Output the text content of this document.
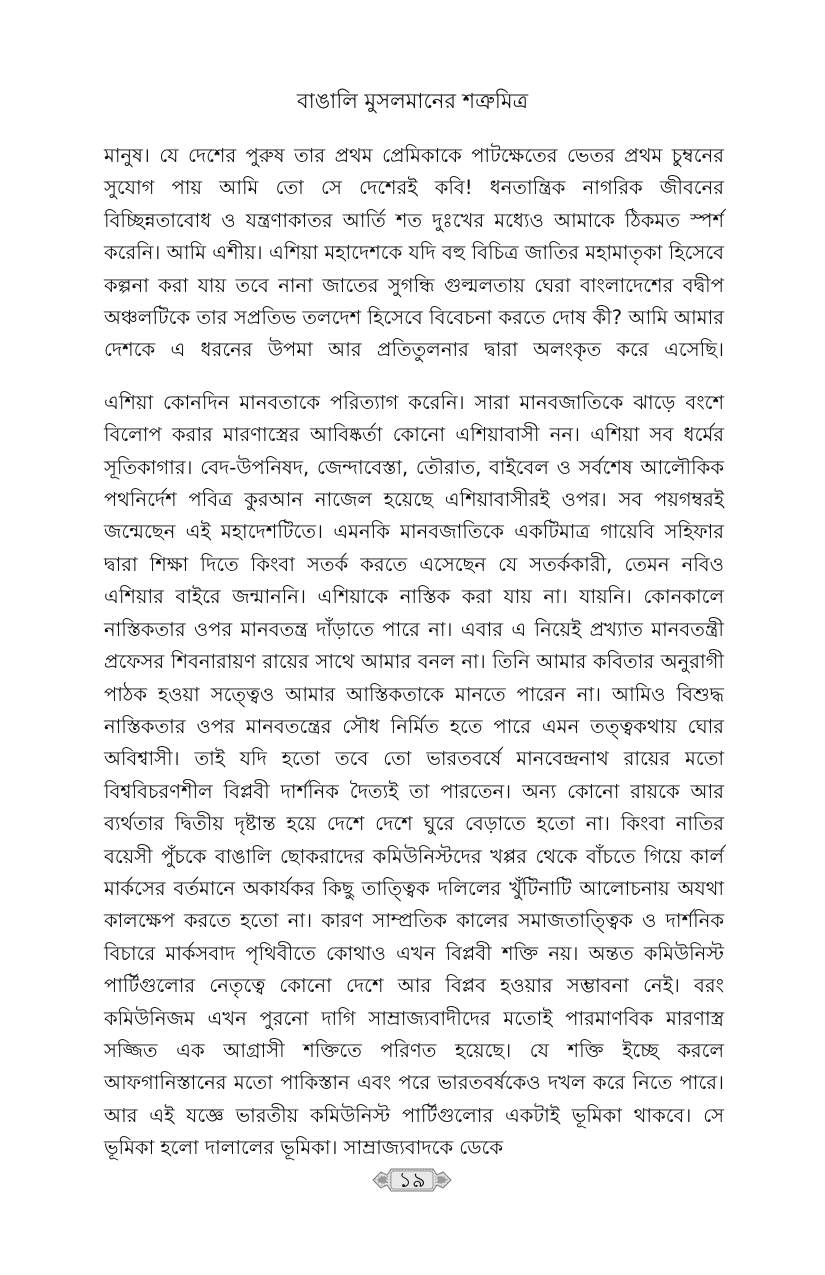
বাঙালি মুসলমানের শত্রুমিত্র

মানুষ। যে দেশের পুরুষ তার প্রথম প্রেমিকাকে পাটক্ষেতের ভেতর প্রথম চুম্বনের সুযোগ পায় আমি তো সে দেশেরই কবি! ধনতান্ত্রিক নাগরিক জীবনের বিচ্ছিন্নতাবোধ ও যন্ত্রণাকাতর আর্তি শত দুঃখের মধ্যেও আমাকে ঠিকমত স্পর্শ করেনি। আমি এশীয়। এশিয়া মহাদেশকে যদি বহু বিচিত্র জাতির মহামাতৃকা হিসেবে কল্পনা করা যায় তবে নানা জাতের সুগন্ধি গুল্মলতায় ঘেরা বাংলাদেশের বদ্বীপ অঞ্চলটিকে তার সপ্রতিভ তলদেশ হিসেবে বিবেচনা করতে দোষ কী? আমি আমার দেশকে এ ধরনের উপমা আর প্রতিতুলনার দ্বারা অলংকৃত করে এসেছি।

এশিয়া কোনদিন মানবতাকে পরিত্যাগ করেনি। সারা মানবজাতিকে ঝাড়ে বংশে বিলোপ করার মারণাস্ত্রের আবিষ্কর্তা কোনো এশিয়াবাসী নন। এশিয়া সব ধর্মের সূতিকাগার। বেদ-উপনিষদ, জেন্দাবেস্তা, তৌরাত, বাইবেল ও সর্বশেষ আলৌকিক পথনির্দেশ পবিত্র কুরআন নাজেল হয়েছে এশিয়াবাসীরই ওপর। সব পয়গম্বরই জন্মেছেন এই মহাদেশটিতে। এমনকি মানবজাতিকে একটিমাত্র গায়েবি সহিফার দ্বারা শিক্ষা দিতে কিংবা সতর্ক করতে এসেছেন যে সতর্ককারী, তেমন নবিও এশিয়ার বাইরে জন্মাননি। এশিয়াকে নাস্তিক করা যায় না। যায়নি। কোনকালে নাস্তিকতার ওপর মানবতন্ত্র দাঁড়াতে পারে না। এবার এ নিয়েই প্রখ্যাত মানবতন্ত্রী প্রফেসর শিবনারায়ণ রায়ের সাথে আমার বনল না। তিনি আমার কবিতার অনুরাগী পাঠক হওয়া সত্ত্বেও আমার আস্তিকতাকে মানতে পারেন না। আমিও বিশুদ্ধ নাস্তিকতার ওপর মানবতন্ত্রের সৌধ নির্মিত হতে পারে এমন তত্ত্বকথায় ঘোর অবিশ্বাসী। তাই যদি হতো তবে তো ভারতবর্ষে মানবেন্দ্রনাথ রায়ের মতো বিশ্ববিচরণশীল বিপ্লবী দার্শনিক দৈত্যই তা পারতেন। অন্য কোনো রায়কে আর ব্যর্থতার দ্বিতীয় দৃষ্টান্ত হয়ে দেশে দেশে ঘুরে বেড়াতে হতো না। কিংবা নাতির বয়েসী পুঁচকে বাঙালি ছোকরাদের কমিউনিস্টদের খপ্পর থেকে বাঁচতে গিয়ে কার্ল মার্কসের বর্তমানে অকার্যকর কিছু তাত্ত্বিক দলিলের খুঁটিনাটি আলোচনায় অযথা কালক্ষেপ করতে হতো না। কারণ সাম্প্রতিক কালের সমাজতাত্ত্বিক ও দার্শনিক বিচারে মার্কসবাদ পৃথিবীতে কোথাও এখন বিপ্লবী শক্তি নয়। অন্তত কমিউনিস্ট পার্টিগুলোর নেতৃত্বে কোনো দেশে আর বিপ্লব হওয়ার সম্ভাবনা নেই। বরং কমিউনিজম এখন পুরনো দাগি সাম্রাজ্যবাদীদের মতোই পারমাণবিক মারণাস্ত্র সজ্জিত এক আগ্রাসী শক্তিতে পরিণত হয়েছে। যে শক্তি ইচ্ছে করলে আফগানিস্তানের মতো পাকিস্তান এবং পরে ভারতবর্ষকেও দখল করে নিতে পারে। আর এই যজ্ঞে ভারতীয় কমিউনিস্ট পার্টিগুলোর একটাই ভূমিকা থাকবে। সে ভূমিকা হলো দালালের ভূমিকা। সাম্রাজ্যবাদকে ডেকে

১৯
